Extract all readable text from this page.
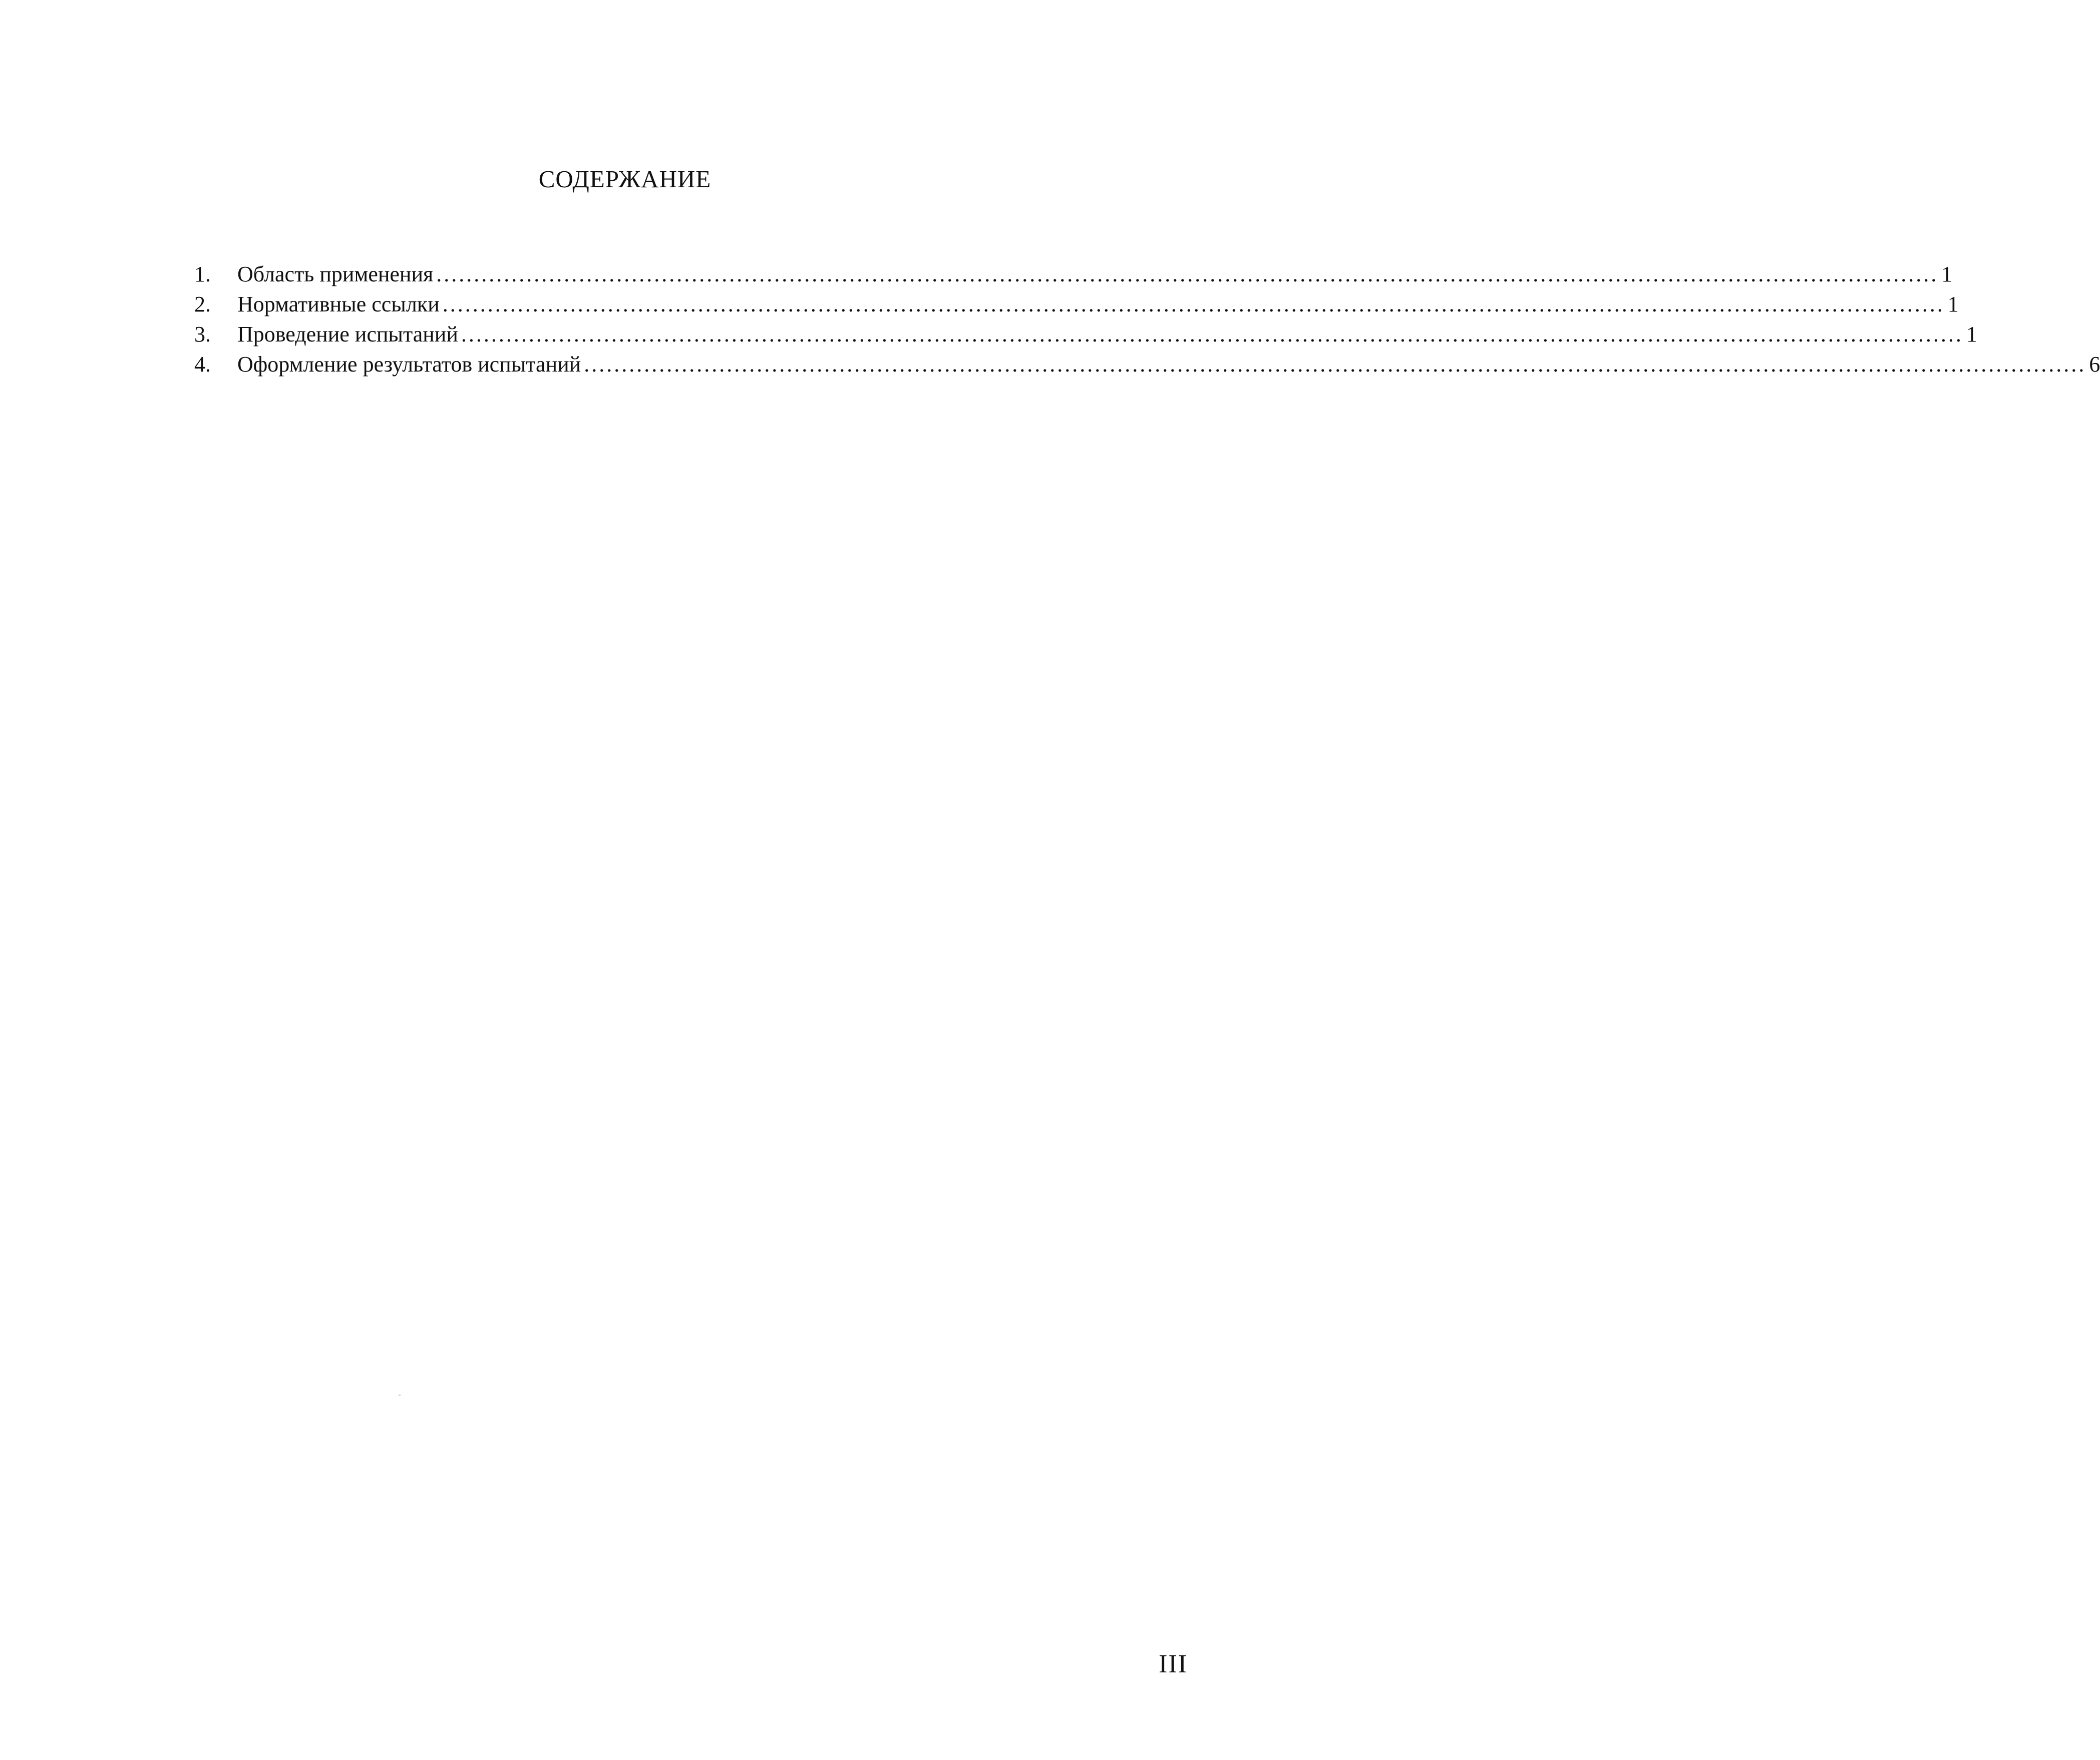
СОДЕРЖАНИЕ
1.	Область применения ........................................................................................................................................................................................................ 1
2.	Нормативные ссылки ........................................................................................................................................................................................................ 1
3.	Проведение испытаний ........................................................................................................................................................................................................ 1
4.	Оформление результатов испытаний ........................................................................................................................................................................................................ 6
III
